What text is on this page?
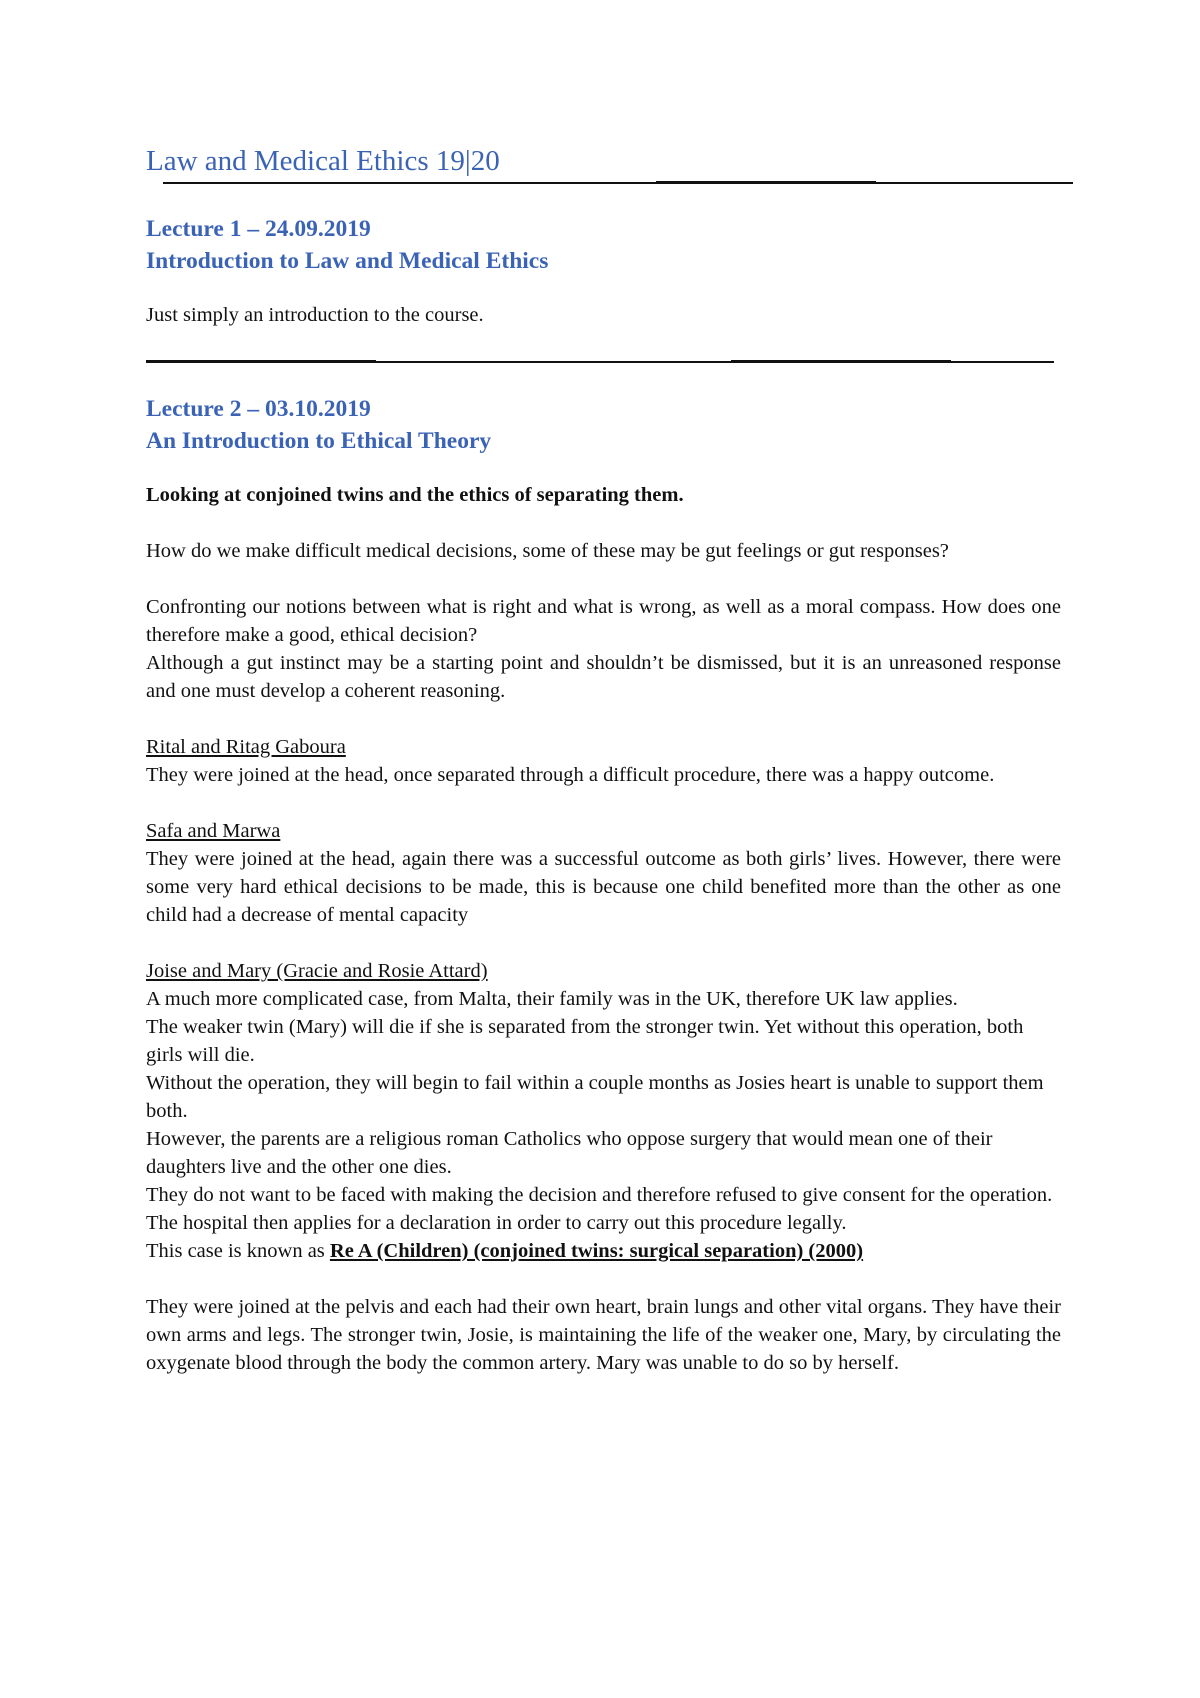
Law and Medical Ethics 19|20
Lecture 1 – 24.09.2019
Introduction to Law and Medical Ethics

Just simply an introduction to the course.

Lecture 2 – 03.10.2019
An Introduction to Ethical Theory

Looking at conjoined twins and the ethics of separating them.

How do we make difficult medical decisions, some of these may be gut feelings or gut responses?

Confronting our notions between what is right and what is wrong, as well as a moral compass. How does one therefore make a good, ethical decision?

Although a gut instinct may be a starting point and shouldn’t be dismissed, but it is an unreasoned response and one must develop a coherent reasoning.

Rital and Ritag Gaboura

They were joined at the head, once separated through a difficult procedure, there was a happy outcome.

Safa and Marwa

They were joined at the head, again there was a successful outcome as both girls’ lives. However, there were some very hard ethical decisions to be made, this is because one child benefited more than the other as one child had a decrease of mental capacity

Joise and Mary (Gracie and Rosie Attard)

A much more complicated case, from Malta, their family was in the UK, therefore UK law applies.

The weaker twin (Mary) will die if she is separated from the stronger twin. Yet without this operation, both girls will die.

Without the operation, they will begin to fail within a couple months as Josies heart is unable to support them both.

However, the parents are a religious roman Catholics who oppose surgery that would mean one of their daughters live and the other one dies.

They do not want to be faced with making the decision and therefore refused to give consent for the operation.

The hospital then applies for a declaration in order to carry out this procedure legally.

This case is known as Re A (Children) (conjoined twins: surgical separation) (2000)

They were joined at the pelvis and each had their own heart, brain lungs and other vital organs. They have their own arms and legs. The stronger twin, Josie, is maintaining the life of the weaker one, Mary, by circulating the oxygenate blood through the body the common artery. Mary was unable to do so by herself.
